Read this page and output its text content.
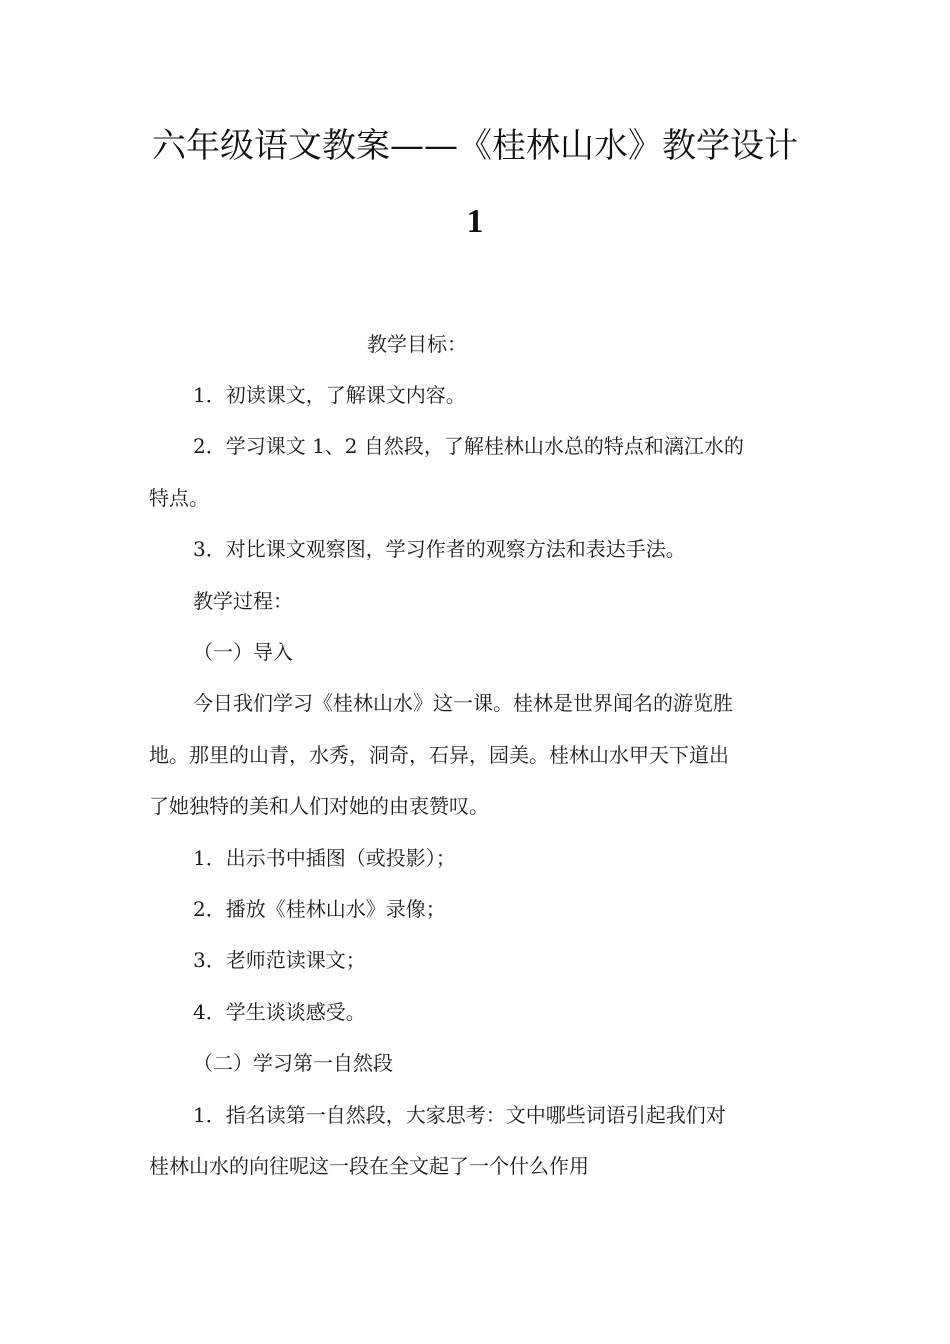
六年级语文教案——《桂林山水》教学设计
1
教学目标：
1．初读课文，了解课文内容。
2．学习课文 1、2 自然段，了解桂林山水总的特点和漓江水的
特点。
3．对比课文观察图，学习作者的观察方法和表达手法。
教学过程：
（一）导入
今日我们学习《桂林山水》这一课。桂林是世界闻名的游览胜
地。那里的山青，水秀，洞奇，石异，园美。桂林山水甲天下道出
了她独特的美和人们对她的由衷赞叹。
1．出示书中插图（或投影）；
2．播放《桂林山水》录像；
3．老师范读课文；
4．学生谈谈感受。
（二）学习第一自然段
1．指名读第一自然段，大家思考：文中哪些词语引起我们对
桂林山水的向往呢这一段在全文起了一个什么作用
